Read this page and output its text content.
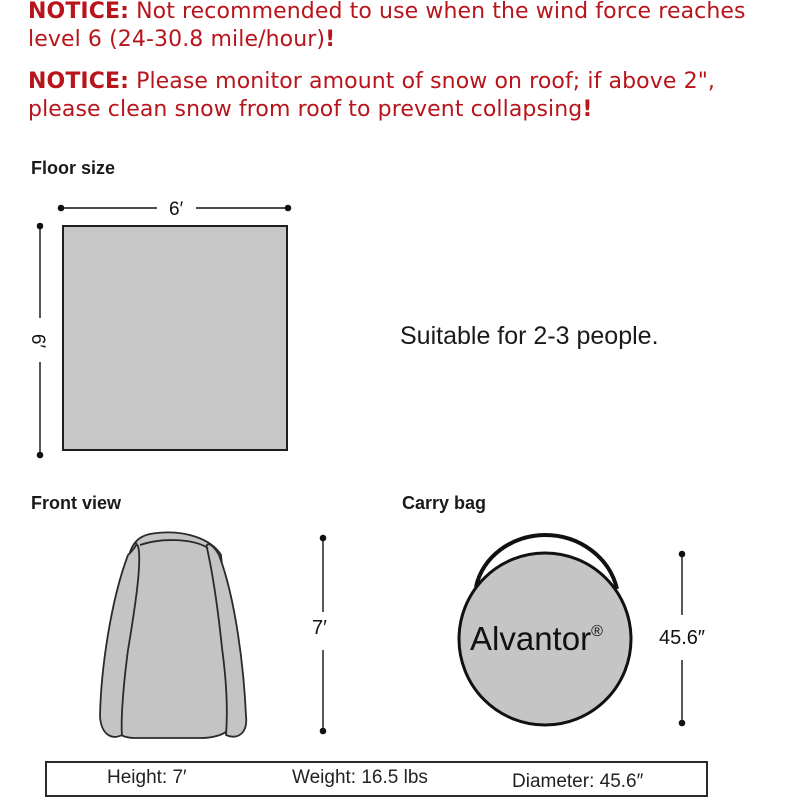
NOTICE: Not recommended to use when the wind force reaches level 6 (24-30.8 mile/hour)!
NOTICE: Please monitor amount of snow on roof; if above 2", please clean snow from roof to prevent collapsing!
Floor size
6′
6′	Suitable for 2-3 people.
Front view	Carry bag
7′	Alvantor®	45.6″
Height: 7′	Weight: 16.5 lbs	Diameter: 45.6″
